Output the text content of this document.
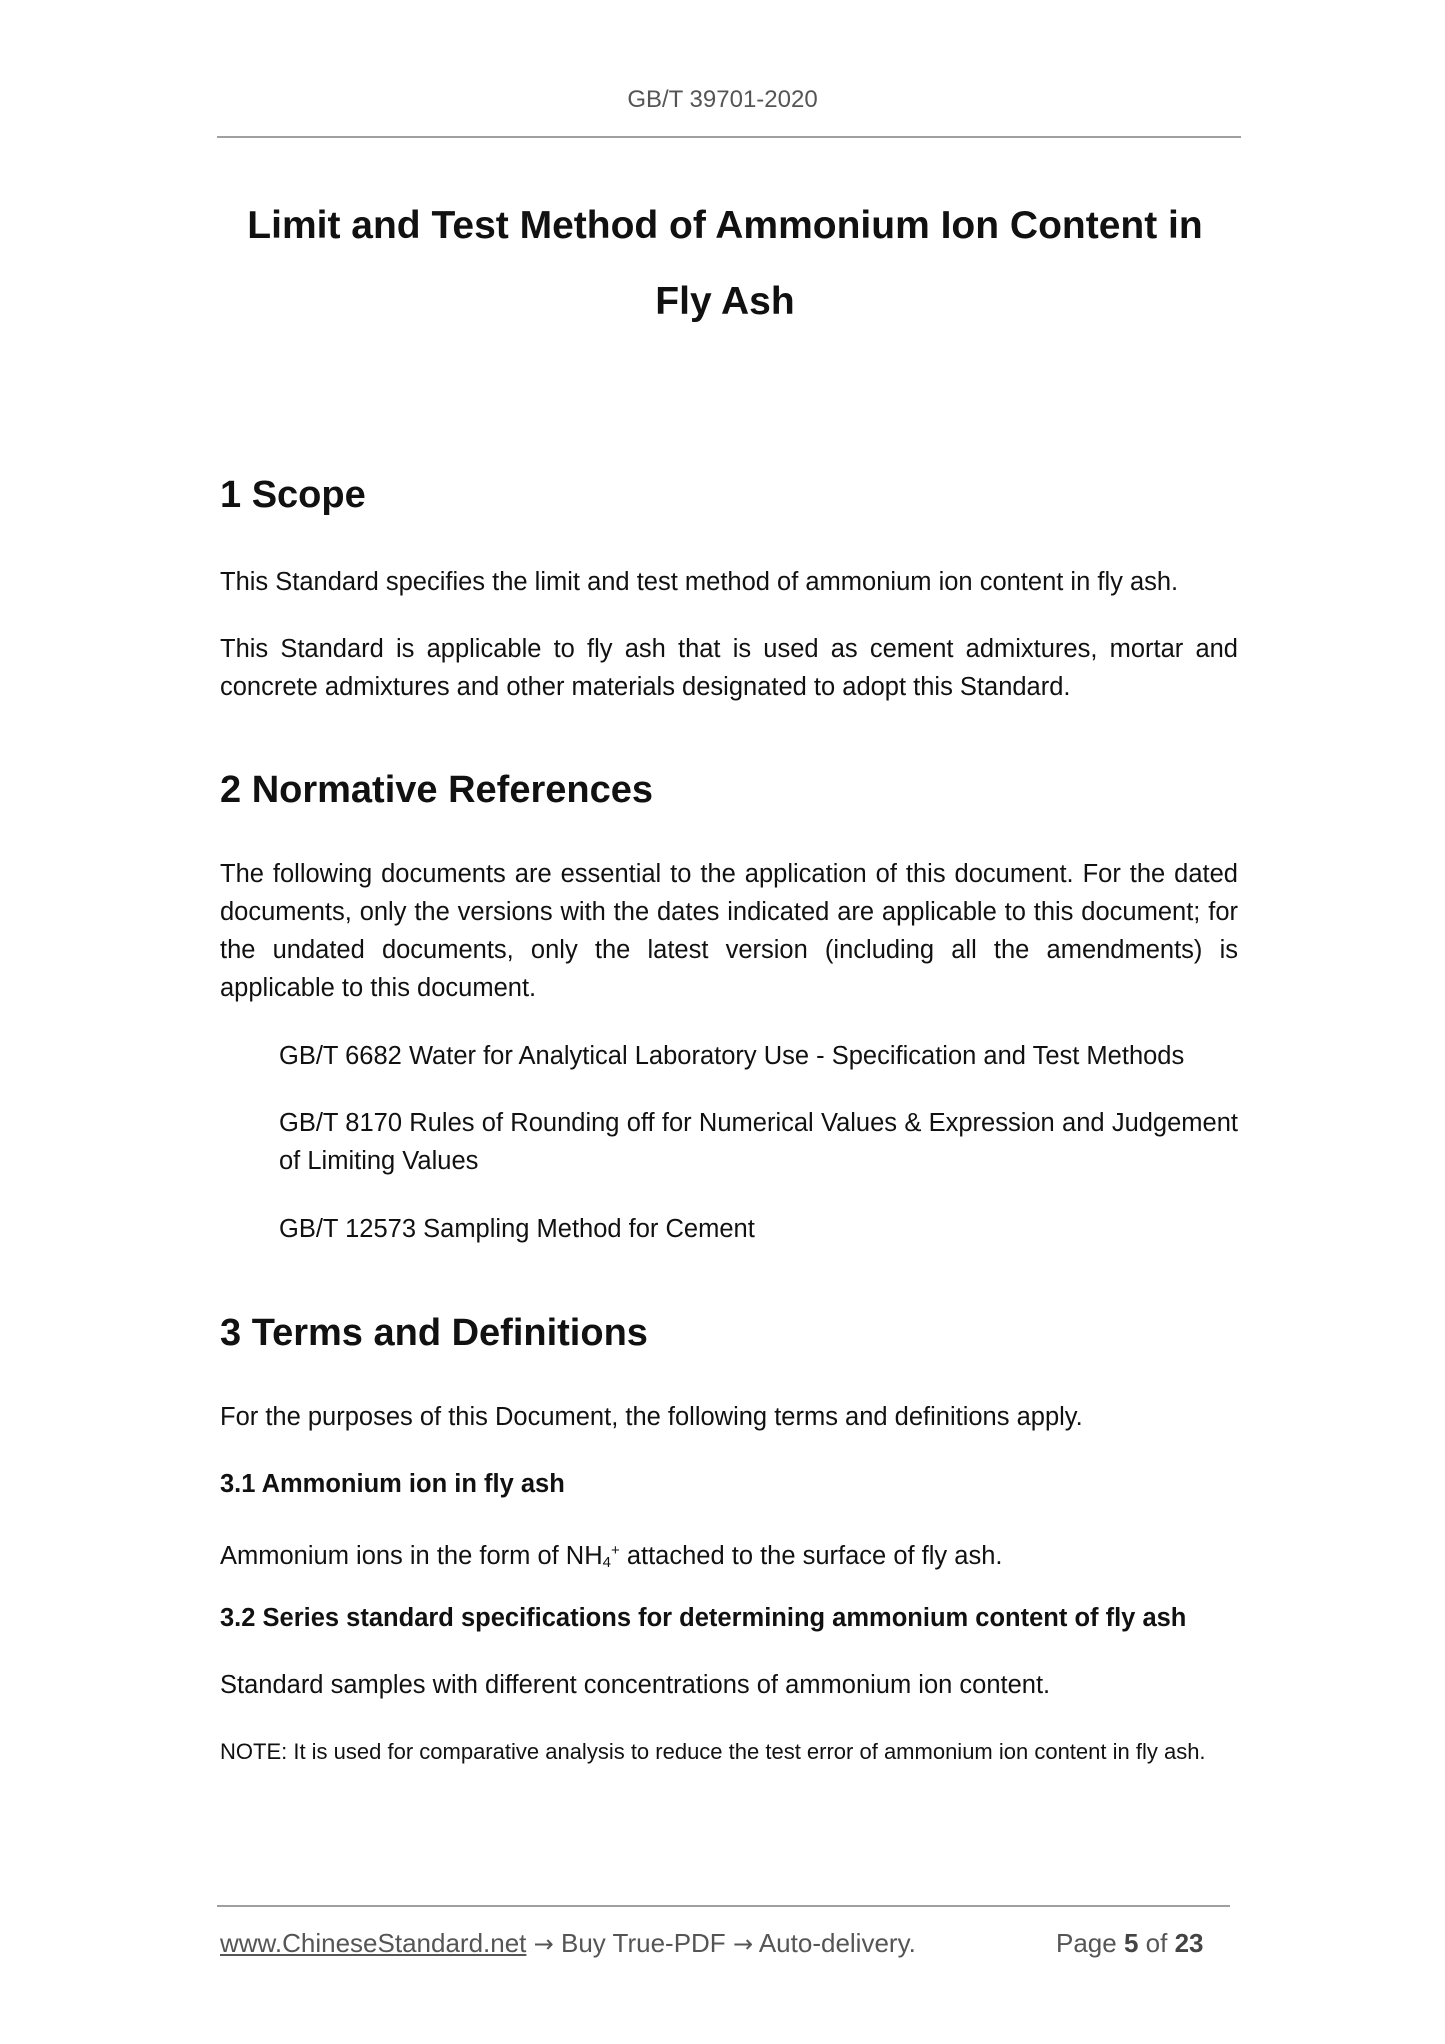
GB/T 39701-2020
Limit and Test Method of Ammonium Ion Content in
Fly Ash

1 Scope

This Standard specifies the limit and test method of ammonium ion content in fly ash.

This Standard is applicable to fly ash that is used as cement admixtures, mortar and concrete admixtures and other materials designated to adopt this Standard.

2 Normative References

The following documents are essential to the application of this document. For the dated documents, only the versions with the dates indicated are applicable to this document; for the undated documents, only the latest version (including all the amendments) is applicable to this document.

GB/T 6682 Water for Analytical Laboratory Use - Specification and Test Methods

GB/T 8170 Rules of Rounding off for Numerical Values & Expression and Judgement of Limiting Values

GB/T 12573 Sampling Method for Cement

3 Terms and Definitions

For the purposes of this Document, the following terms and definitions apply.

3.1 Ammonium ion in fly ash

Ammonium ions in the form of $NH_4^+$ attached to the surface of fly ash.

3.2 Series standard specifications for determining ammonium content of fly ash

Standard samples with different concentrations of ammonium ion content.

NOTE: It is used for comparative analysis to reduce the test error of ammonium ion content in fly ash.

www.ChineseStandard.net → Buy True-PDF → Auto-delivery.	Page 5 of 23
